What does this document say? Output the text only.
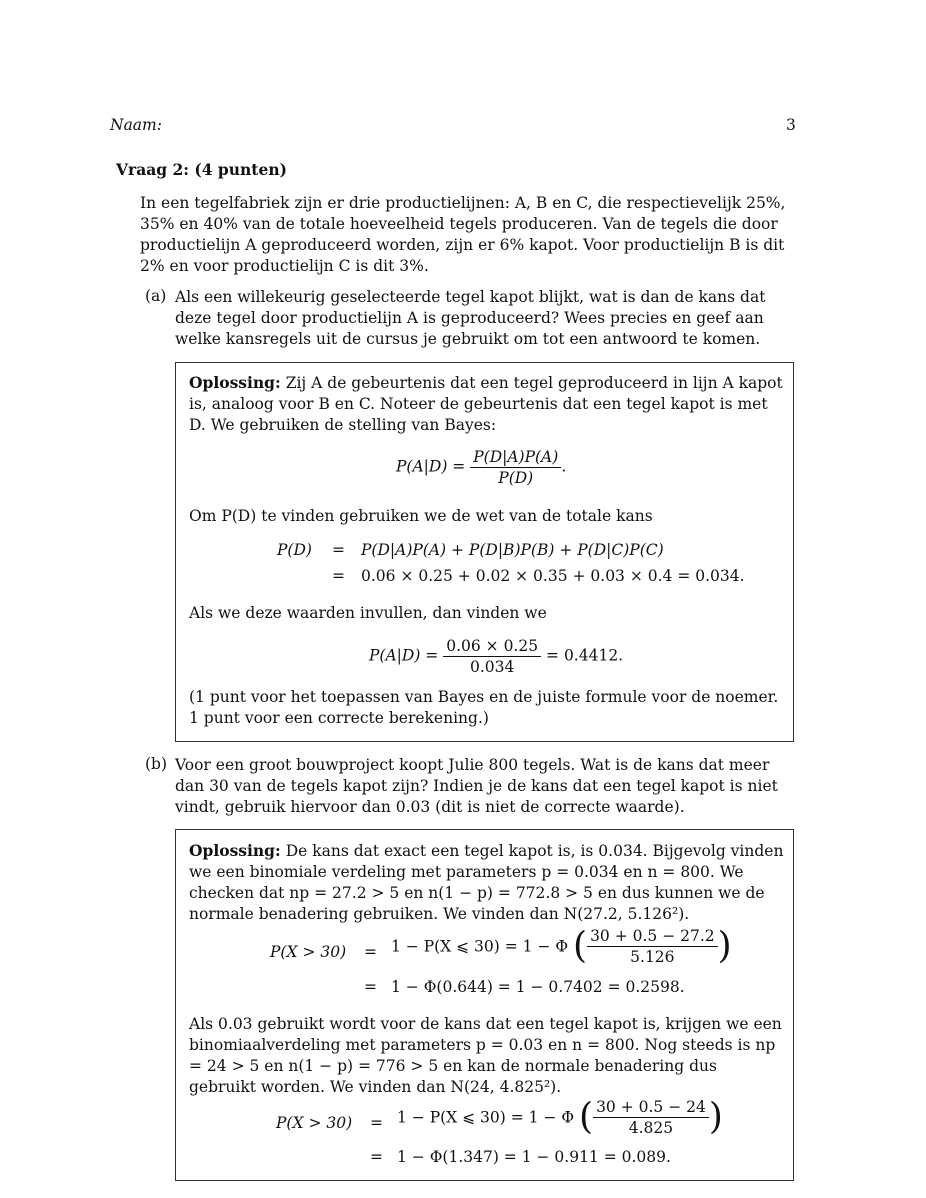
Naam:	3
Vraag 2: (4 punten)
In een tegelfabriek zijn er drie productielijnen: A, B en C, die respectievelijk 25%, 35% en 40% van de totale hoeveelheid tegels produceren. Van de tegels die door productielijn A geproduceerd worden, zijn er 6% kapot. Voor productielijn B is dit 2% en voor productielijn C is dit 3%.
(a) Als een willekeurig geselecteerde tegel kapot blijkt, wat is dan de kans dat deze tegel door productielijn A is geproduceerd? Wees precies en geef aan welke kansregels uit de cursus je gebruikt om tot een antwoord te komen.
Oplossing: Zij A de gebeurtenis dat een tegel geproduceerd in lijn A kapot is, analoog voor B en C. Noteer de gebeurtenis dat een tegel kapot is met D. We gebruiken de stelling van Bayes:
$P(A|D) = \frac{P(D|A)P(A)}{P(D)}$ .
Om P(D) te vinden gebruiken we de wet van de totale kans
P(D) = P(D|A)P(A) + P(D|B)P(B) + P(D|C)P(C)
= 0.06 × 0.25 + 0.02 × 0.35 + 0.03 × 0.4 = 0.034.
Als we deze waarden invullen, dan vinden we
$P(A|D) = \frac{0.06 \times 0.25}{0.034} = 0.4412$.
(1 punt voor het toepassen van Bayes en de juiste formule voor de noemer. 1 punt voor een correcte berekening.)
(b) Voor een groot bouwproject koopt Julie 800 tegels. Wat is de kans dat meer dan 30 van de tegels kapot zijn? Indien je de kans dat een tegel kapot is niet vindt, gebruik hiervoor dan 0.03 (dit is niet de correcte waarde).
Oplossing: De kans dat exact een tegel kapot is, is 0.034. Bijgevolg vinden we een binomiale verdeling met parameters p = 0.034 en n = 800. We checken dat np = 27.2 > 5 en n(1 − p) = 772.8 > 5 en dus kunnen we de normale benadering gebruiken. We vinden dan N(27.2, 5.126²).
P(X > 30) = 1 − P(X ⩽ 30) = 1 − Φ ( $\frac{30 + 0.5 - 27.2}{5.126}$ )
= 1 − Φ(0.644) = 1 − 0.7402 = 0.2598.
Als 0.03 gebruikt wordt voor de kans dat een tegel kapot is, krijgen we een binomiaalverdeling met parameters p = 0.03 en n = 800. Nog steeds is np = 24 > 5 en n(1 − p) = 776 > 5 en kan de normale benadering dus gebruikt worden. We vinden dan N(24, 4.825²).
P(X > 30) = 1 − P(X ⩽ 30) = 1 − Φ ( $\frac{30 + 0.5 - 24}{4.825}$ )
= 1 − Φ(1.347) = 1 − 0.911 = 0.089.
